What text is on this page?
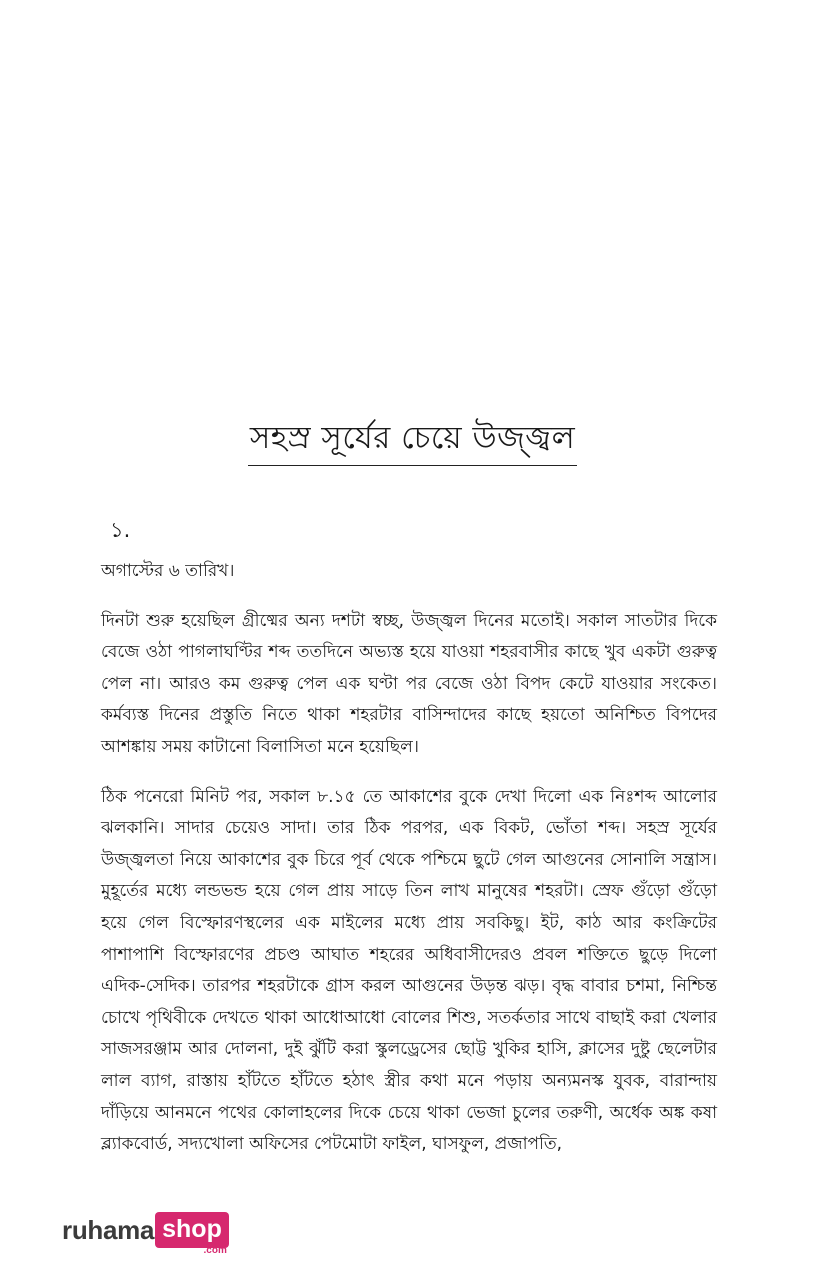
সহস্র সূর্যের চেয়ে উজ্জ্বল
১.

অগাস্টের ৬ তারিখ।

দিনটা শুরু হয়েছিল গ্রীষ্মের অন্য দশটা স্বচ্ছ, উজ্জ্বল দিনের মতোই। সকাল সাতটার দিকে বেজে ওঠা পাগলাঘণ্টির শব্দ ততদিনে অভ্যস্ত হয়ে যাওয়া শহরবাসীর কাছে খুব একটা গুরুত্ব পেল না। আরও কম গুরুত্ব পেল এক ঘণ্টা পর বেজে ওঠা বিপদ কেটে যাওয়ার সংকেত। কর্মব্যস্ত দিনের প্রস্তুতি নিতে থাকা শহরটার বাসিন্দাদের কাছে হয়তো অনিশ্চিত বিপদের আশঙ্কায় সময় কাটানো বিলাসিতা মনে হয়েছিল।

ঠিক পনেরো মিনিট পর, সকাল ৮.১৫ তে আকাশের বুকে দেখা দিলো এক নিঃশব্দ আলোর ঝলকানি। সাদার চেয়েও সাদা। তার ঠিক পরপর, এক বিকট, ভোঁতা শব্দ। সহস্র সূর্যের উজ্জ্বলতা নিয়ে আকাশের বুক চিরে পূর্ব থেকে পশ্চিমে ছুটে গেল আগুনের সোনালি সন্ত্রাস। মুহূর্তের মধ্যে লন্ডভন্ড হয়ে গেল প্রায় সাড়ে তিন লাখ মানুষের শহরটা। স্রেফ গুঁড়ো গুঁড়ো হয়ে গেল বিস্ফোরণস্থলের এক মাইলের মধ্যে প্রায় সবকিছু। ইট, কাঠ আর কংক্রিটের পাশাপাশি বিস্ফোরণের প্রচণ্ড আঘাত শহরের অধিবাসীদেরও প্রবল শক্তিতে ছুড়ে দিলো এদিক-সেদিক। তারপর শহরটাকে গ্রাস করল আগুনের উড়ন্ত ঝড়। বৃদ্ধ বাবার চশমা, নিশ্চিন্ত চোখে পৃথিবীকে দেখতে থাকা আধোআধো বোলের শিশু, সতর্কতার সাথে বাছাই করা খেলার সাজসরঞ্জাম আর দোলনা, দুই ঝুঁটি করা স্কুলড্রেসের ছোট্ট খুকির হাসি, ক্লাসের দুষ্টু ছেলেটার লাল ব্যাগ, রাস্তায় হাঁটতে হাঁটতে হঠাৎ স্ত্রীর কথা মনে পড়ায় অন্যমনস্ক যুবক, বারান্দায় দাঁড়িয়ে আনমনে পথের কোলাহলের দিকে চেয়ে থাকা ভেজা চুলের তরুণী, অর্ধেক অঙ্ক কষা ব্ল্যাকবোর্ড, সদ্যখোলা অফিসের পেটমোটা ফাইল, ঘাসফুল, প্রজাপতি,

ruhama shop
.com
